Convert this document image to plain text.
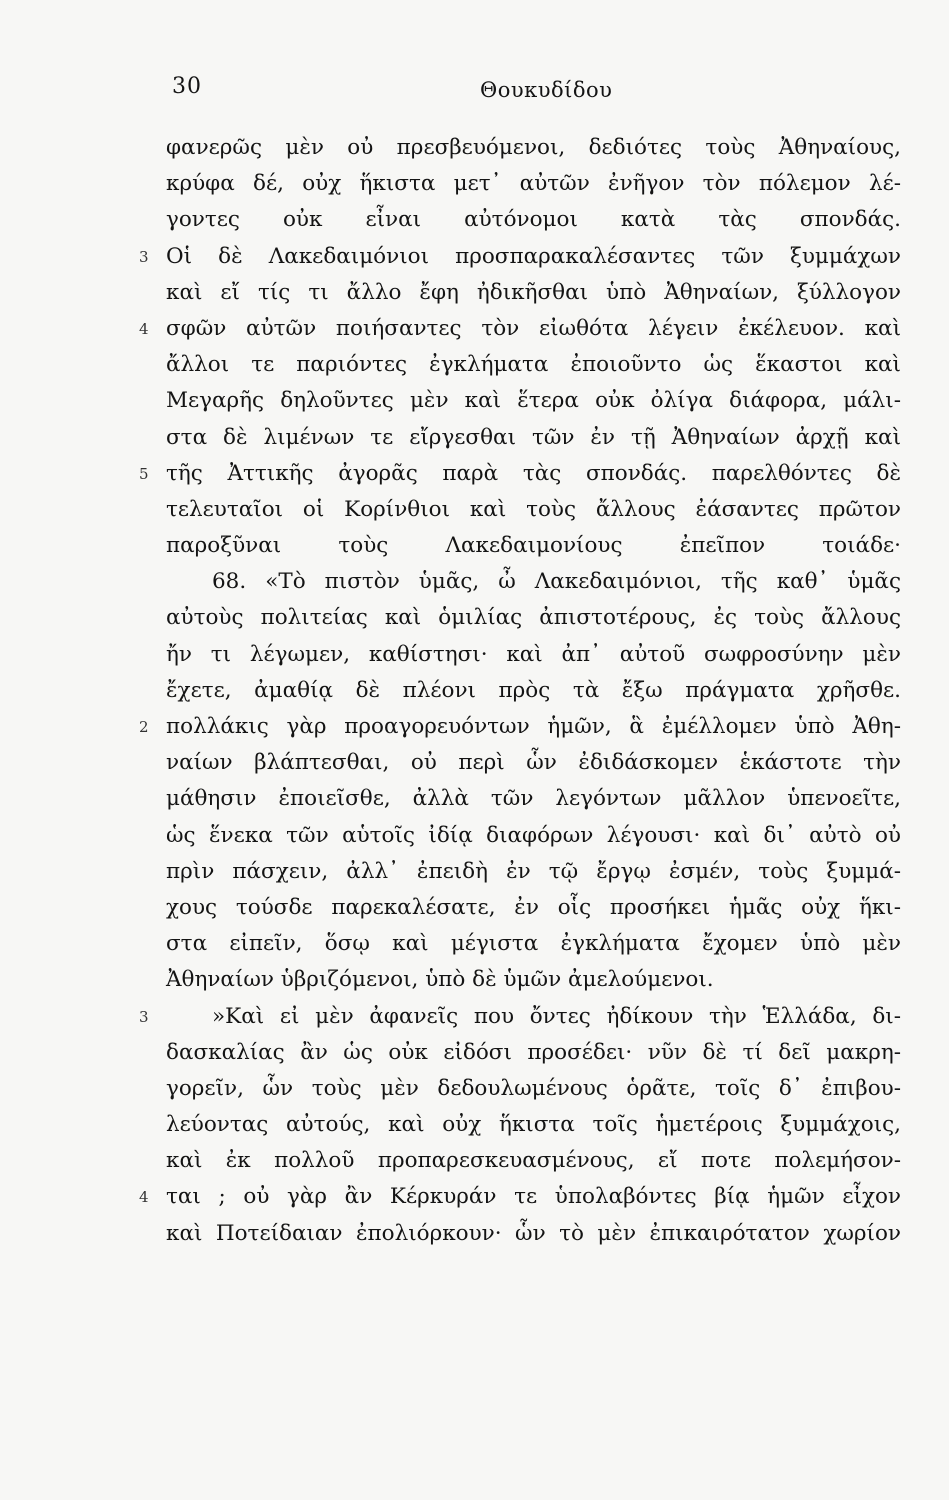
30	Θουκυδίδου
φανερῶς μὲν οὐ πρεσβευόμενοι, δεδιότες τοὺς Ἀθηναίους,
κρύφα δέ, οὐχ ἥκιστα μετ᾽ αὐτῶν ἐνῆγον τὸν πόλεμον λέ-
γοντες οὐκ εἶναι αὐτόνομοι κατὰ τὰς σπονδάς.
3 Οἱ δὲ Λακεδαιμόνιοι προσπαρακαλέσαντες τῶν ξυμμάχων
καὶ εἴ τίς τι ἄλλο ἔφη ἠδικῆσθαι ὑπὸ Ἀθηναίων, ξύλλογον
4 σφῶν αὐτῶν ποιήσαντες τὸν εἰωθότα λέγειν ἐκέλευον. καὶ
ἄλλοι τε παριόντες ἐγκλήματα ἐποιοῦντο ὡς ἕκαστοι καὶ
Μεγαρῆς δηλοῦντες μὲν καὶ ἕτερα οὐκ ὀλίγα διάφορα, μάλι-
στα δὲ λιμένων τε εἴργεσθαι τῶν ἐν τῇ Ἀθηναίων ἀρχῇ καὶ
5 τῆς Ἀττικῆς ἀγορᾶς παρὰ τὰς σπονδάς. παρελθόντες δὲ
τελευταῖοι οἱ Κορίνθιοι καὶ τοὺς ἄλλους ἐάσαντες πρῶτον
παροξῦναι τοὺς Λακεδαιμονίους ἐπεῖπον τοιάδε·
68. «Τὸ πιστὸν ὑμᾶς, ὦ Λακεδαιμόνιοι, τῆς καθ᾽ ὑμᾶς
αὐτοὺς πολιτείας καὶ ὁμιλίας ἀπιστοτέρους, ἐς τοὺς ἄλλους
ἤν τι λέγωμεν, καθίστησι· καὶ ἀπ᾽ αὐτοῦ σωφροσύνην μὲν
ἔχετε, ἀμαθίᾳ δὲ πλέονι πρὸς τὰ ἔξω πράγματα χρῆσθε.
2 πολλάκις γὰρ προαγορευόντων ἡμῶν, ἃ ἐμέλλομεν ὑπὸ Ἀθη-
ναίων βλάπτεσθαι, οὐ περὶ ὧν ἐδιδάσκομεν ἑκάστοτε τὴν
μάθησιν ἐποιεῖσθε, ἀλλὰ τῶν λεγόντων μᾶλλον ὑπενοεῖτε,
ὡς ἕνεκα τῶν αὑτοῖς ἰδίᾳ διαφόρων λέγουσι· καὶ δι᾽ αὐτὸ οὐ
πρὶν πάσχειν, ἀλλ᾽ ἐπειδὴ ἐν τῷ ἔργῳ ἐσμέν, τοὺς ξυμμά-
χους τούσδε παρεκαλέσατε, ἐν οἷς προσήκει ἡμᾶς οὐχ ἥκι-
στα εἰπεῖν, ὅσῳ καὶ μέγιστα ἐγκλήματα ἔχομεν ὑπὸ μὲν
Ἀθηναίων ὑβριζόμενοι, ὑπὸ δὲ ὑμῶν ἀμελούμενοι.
3	»Καὶ εἰ μὲν ἀφανεῖς που ὄντες ἠδίκουν τὴν Ἑλλάδα, δι-
δασκαλίας ἂν ὡς οὐκ εἰδόσι προσέδει· νῦν δὲ τί δεῖ μακρη-
γορεῖν, ὧν τοὺς μὲν δεδουλωμένους ὁρᾶτε, τοῖς δ᾽ ἐπιβου-
λεύοντας αὐτούς, καὶ οὐχ ἥκιστα τοῖς ἡμετέροις ξυμμάχοις,
καὶ ἐκ πολλοῦ προπαρεσκευασμένους, εἴ ποτε πολεμήσον-
4 ται ; οὐ γὰρ ἂν Κέρκυράν τε ὑπολαβόντες βίᾳ ἡμῶν εἶχον
καὶ Ποτείδαιαν ἐπολιόρκουν· ὧν τὸ μὲν ἐπικαιρότατον χωρίον
